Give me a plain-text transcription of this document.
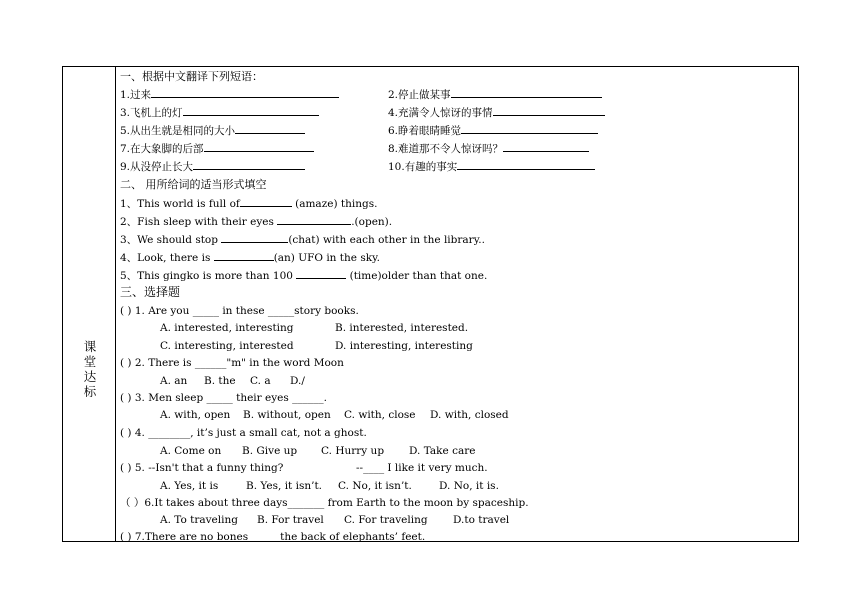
课
堂
达
标
一、根据中文翻译下列短语：
1.过来	2.停止做某事
3.飞机上的灯	4.充满令人惊讶的事情
5.从出生就是相同的大小	6.睁着眼睛睡觉
7.在大象脚的后部	8.难道那不令人惊讶吗？
9.从没停止长大	10.有趣的事实
二、 用所给词的适当形式填空
1、This world is full of	(amaze) things.
2、Fish sleep with their eyes	.(open).
3、We should stop	(chat) with each other in the library..
4、Look, there is	(an) UFO in the sky.
5、This gingko is more than 100	(time)older than that one.
三、选择题
( ) 1. Are you _____ in these _____story books.
A. interested, interesting	B. interested, interested.
C. interesting, interested	D. interesting, interesting
( ) 2. There is ______"m" in the word Moon
A. an B. the C. a D./
( ) 3. Men sleep _____ their eyes ______.
A. with, open B. without, open C. with, close D. with, closed
( ) 4. ________, it’s just a small cat, not a ghost.
A. Come on B. Give up C. Hurry up D. Take care
( ) 5. --Isn't that a funny thing?	--____ I like it very much.
A. Yes, it is	B. Yes, it isn’t. C. No, it isn’t.	D. No, it is.
（ ）6.It takes about three days_______ from Earth to the moon by spaceship.
A. To traveling B. For travel C. For traveling D.to travel
( ) 7.There are no bones	the back of elephants’ feet.
